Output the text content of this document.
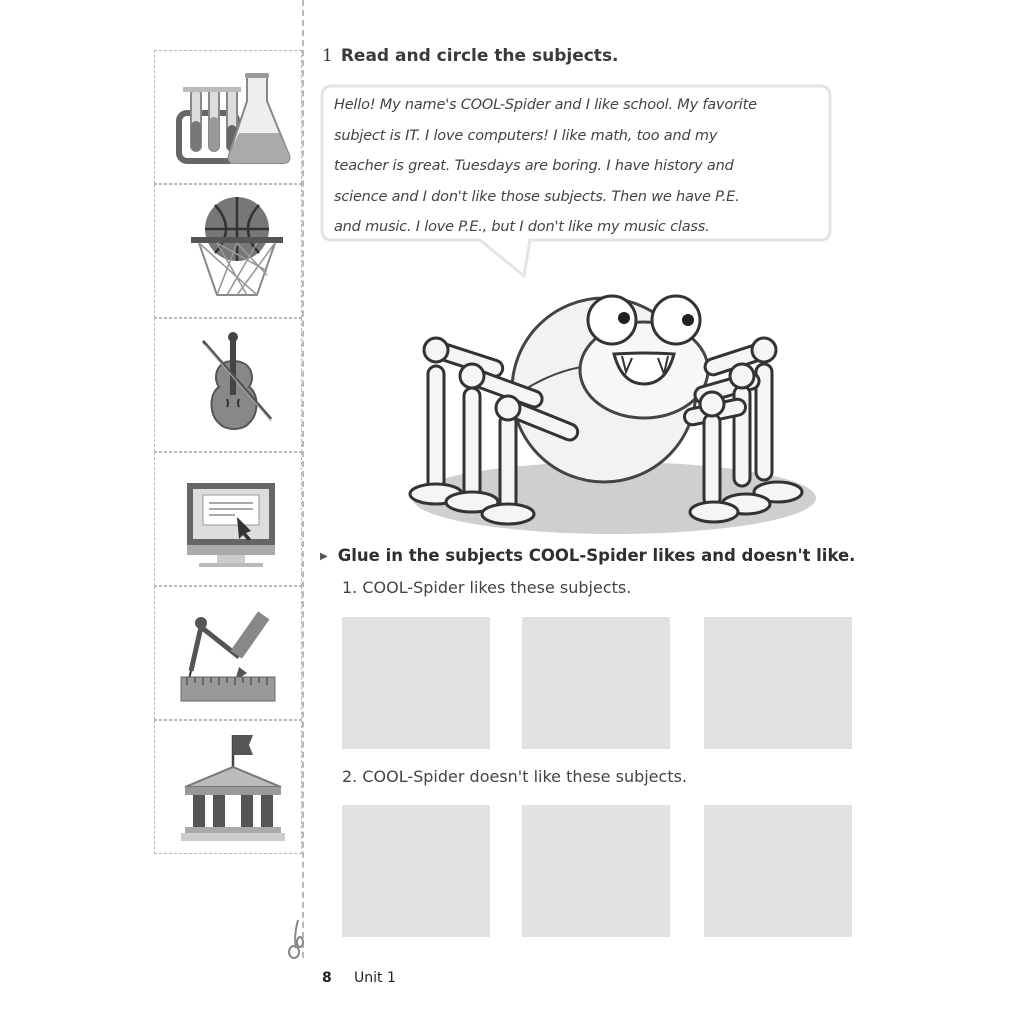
1 Read and circle the subjects.
Hello! My name's COOL-Spider and I like school. My favorite
subject is IT. I love computers! I like math, too and my
teacher is great. Tuesdays are boring. I have history and
science and I don't like those subjects. Then we have P.E.
and music. I love P.E., but I don't like my music class.
▶ Glue in the subjects COOL-Spider likes and doesn't like.
1. COOL-Spider likes these subjects.
2. COOL-Spider doesn't like these subjects.
8 Unit 1
